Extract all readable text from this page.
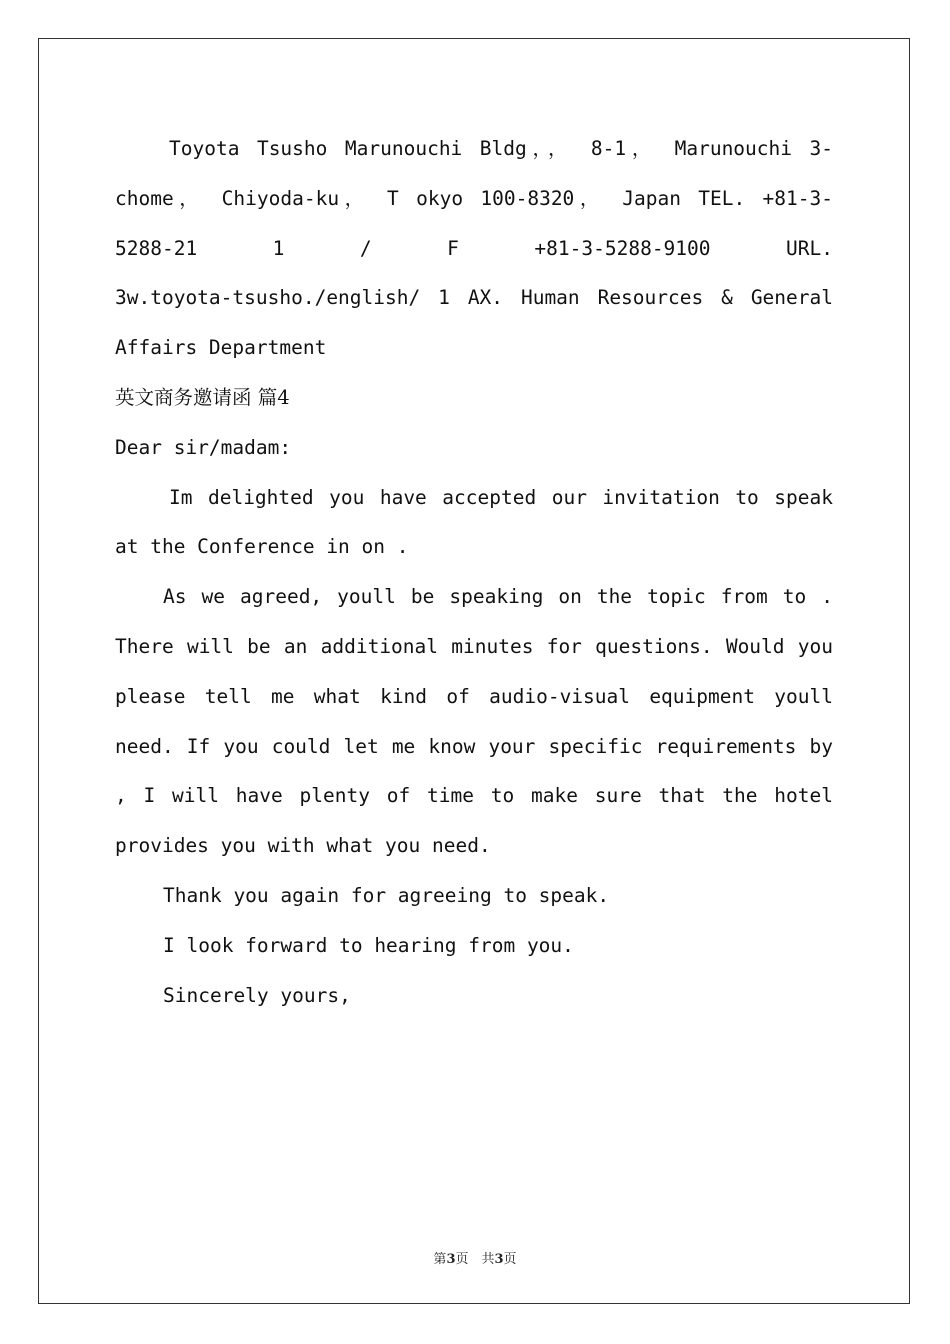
Toyota Tsusho Marunouchi Bldg，， 8-1， Marunouchi 3-
chome， Chiyoda-ku， T okyo 100-8320， Japan TEL. +81-3-
5288-21 1 / F +81-3-5288-9100 URL.
3w.toyota-tsusho./english/ 1 AX. Human Resources & General
Affairs Department
英文商务邀请函 篇4
Dear sir/madam:
Im delighted you have accepted our invitation to speak
at the Conference in on .
As we agreed, youll be speaking on the topic from to .
There will be an additional minutes for questions. Would you
please tell me what kind of audio-visual equipment youll
need. If you could let me know your specific requirements by
, I will have plenty of time to make sure that the hotel
provides you with what you need.
Thank you again for agreeing to speak.
I look forward to hearing from you.
Sincerely yours,
第3页　共3页
